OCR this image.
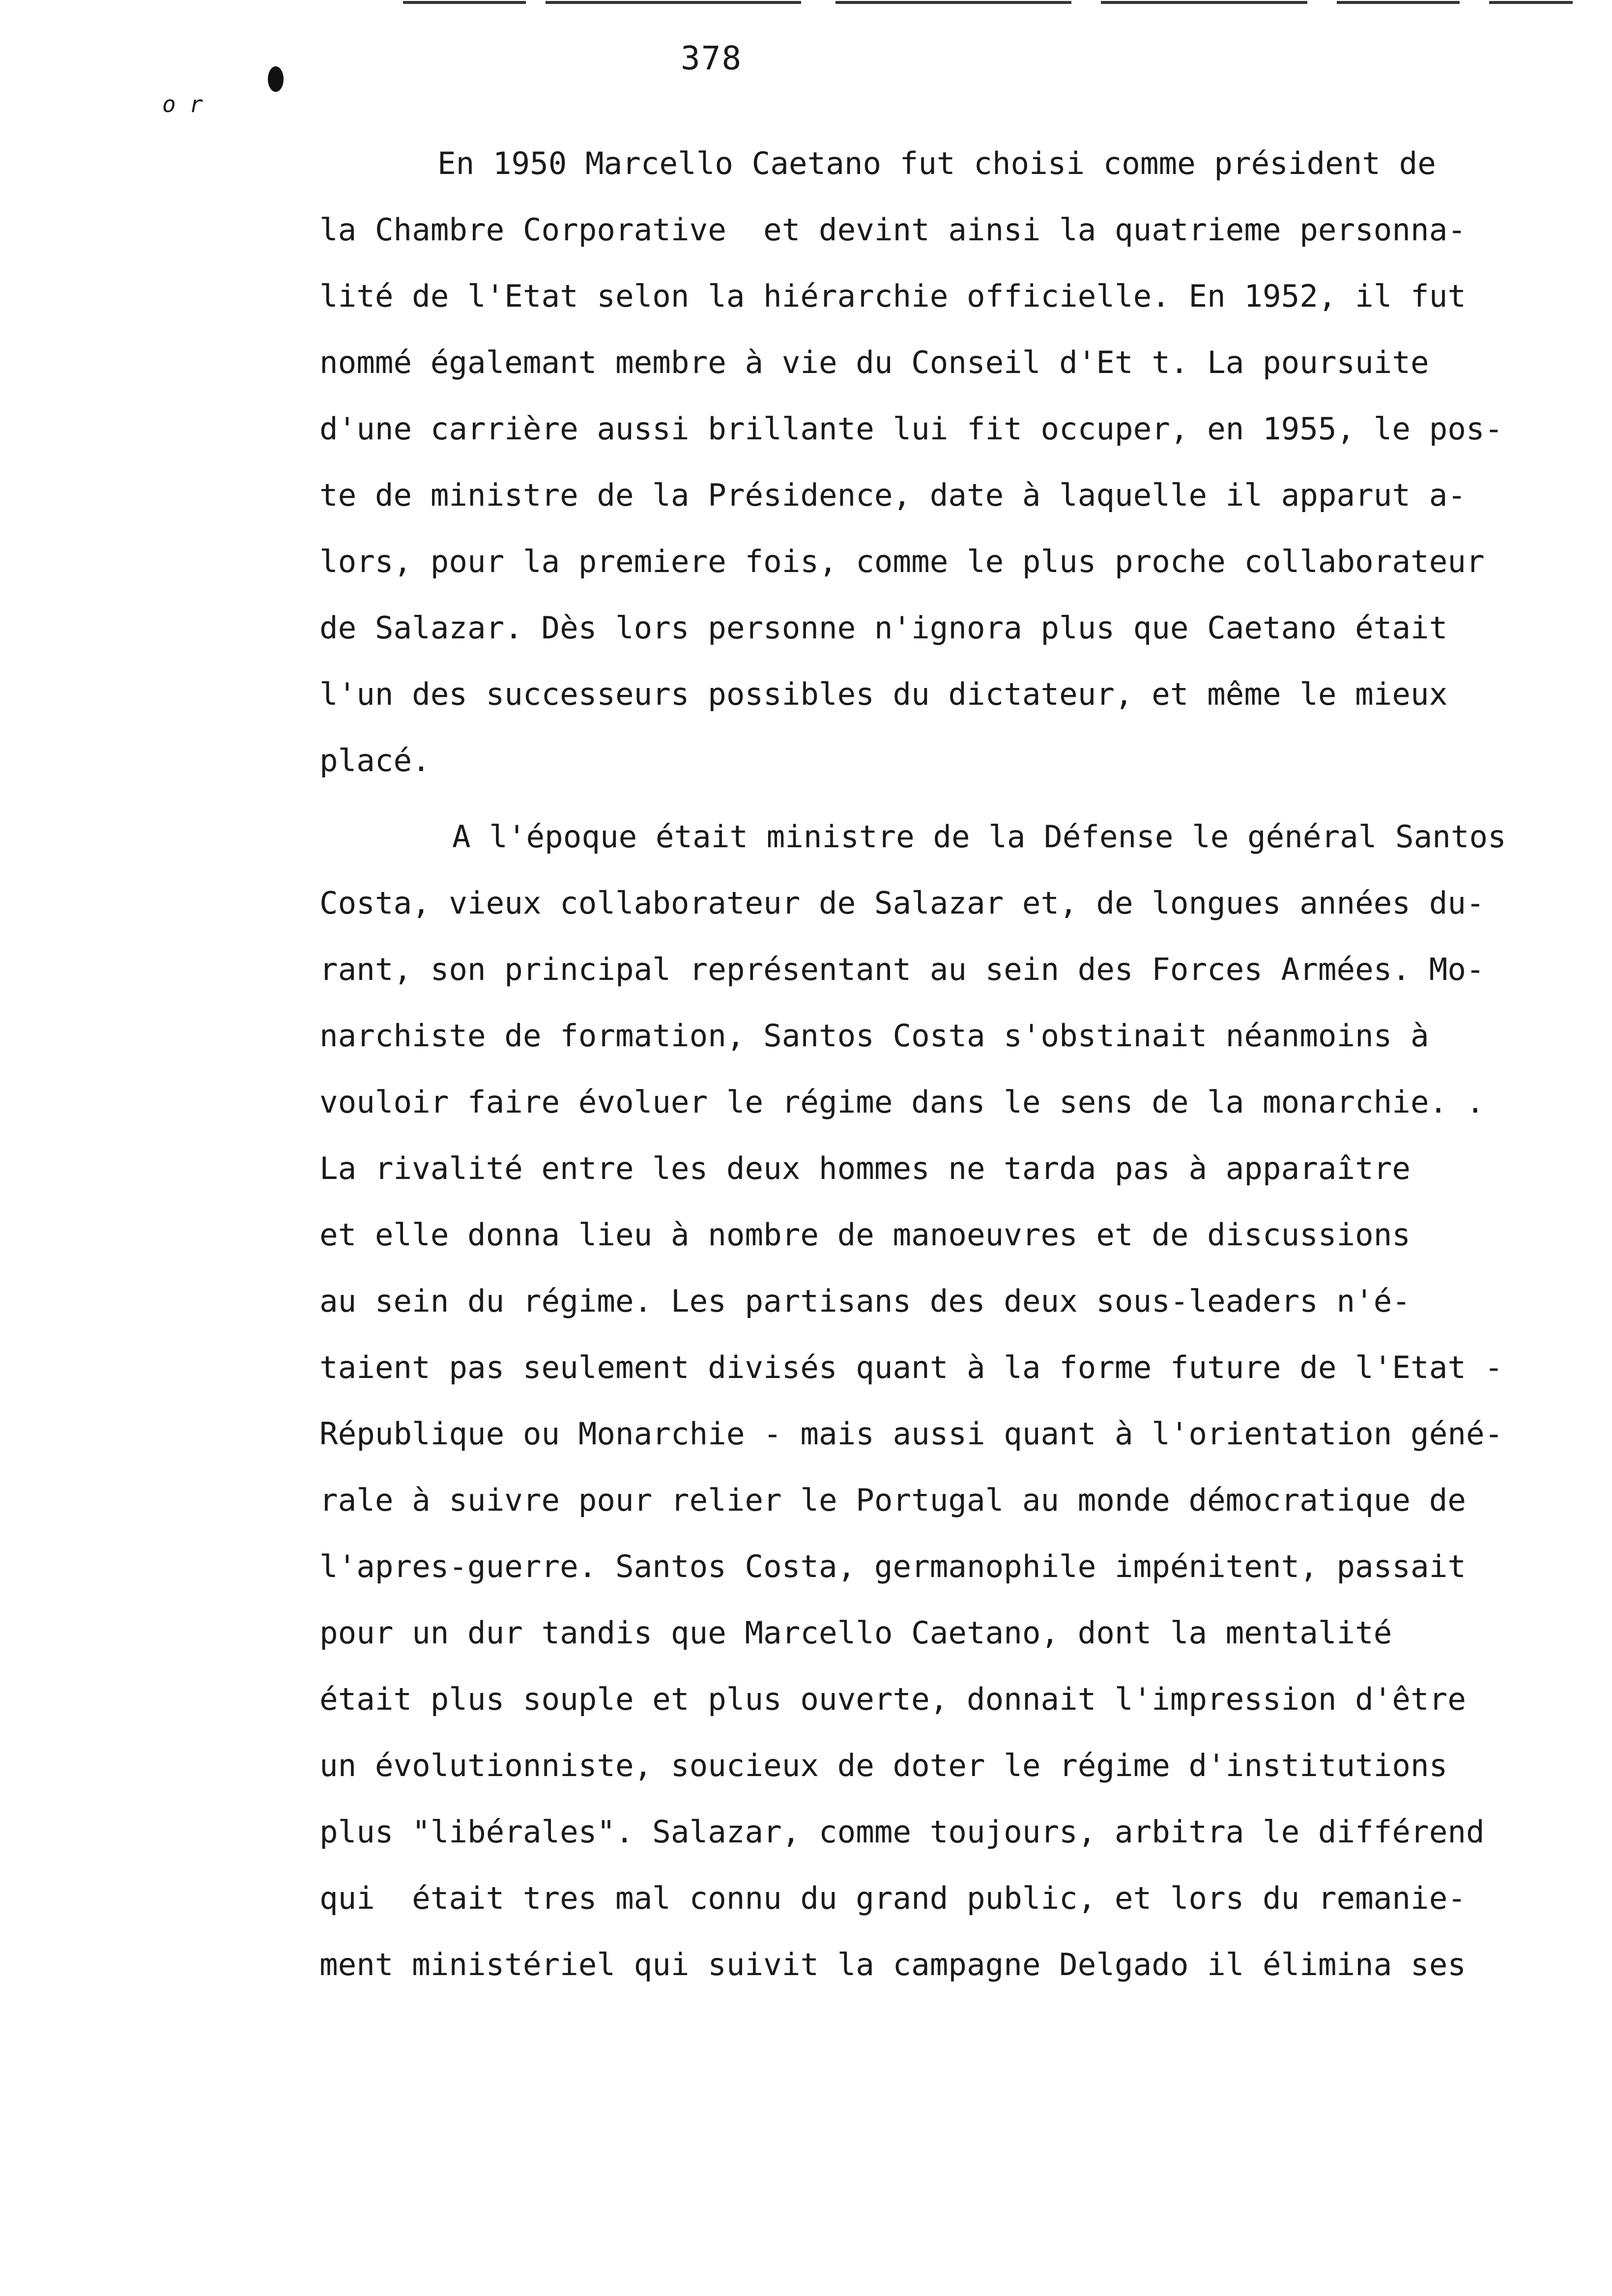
378
o r
En 1950 Marcello Caetano fut choisi comme président de
la Chambre Corporative  et devint ainsi la quatrieme personna-
lité de l'Etat selon la hiérarchie officielle. En 1952, il fut
nommé égalemant membre à vie du Conseil d'Et t. La poursuite
d'une carrière aussi brillante lui fit occuper, en 1955, le pos-
te de ministre de la Présidence, date à laquelle il apparut a-
lors, pour la premiere fois, comme le plus proche collaborateur
de Salazar. Dès lors personne n'ignora plus que Caetano était
l'un des successeurs possibles du dictateur, et même le mieux
placé.
A l'époque était ministre de la Défense le général Santos
Costa, vieux collaborateur de Salazar et, de longues années du-
rant, son principal représentant au sein des Forces Armées. Mo-
narchiste de formation, Santos Costa s'obstinait néanmoins à
vouloir faire évoluer le régime dans le sens de la monarchie. .
La rivalité entre les deux hommes ne tarda pas à apparaître
et elle donna lieu à nombre de manoeuvres et de discussions
au sein du régime. Les partisans des deux sous-leaders n'é-
taient pas seulement divisés quant à la forme future de l'Etat -
République ou Monarchie - mais aussi quant à l'orientation géné-
rale à suivre pour relier le Portugal au monde démocratique de
l'apres-guerre. Santos Costa, germanophile impénitent, passait
pour un dur tandis que Marcello Caetano, dont la mentalité
était plus souple et plus ouverte, donnait l'impression d'être
un évolutionniste, soucieux de doter le régime d'institutions
plus "libérales". Salazar, comme toujours, arbitra le différend
qui  était tres mal connu du grand public, et lors du remanie-
ment ministériel qui suivit la campagne Delgado il élimina ses
